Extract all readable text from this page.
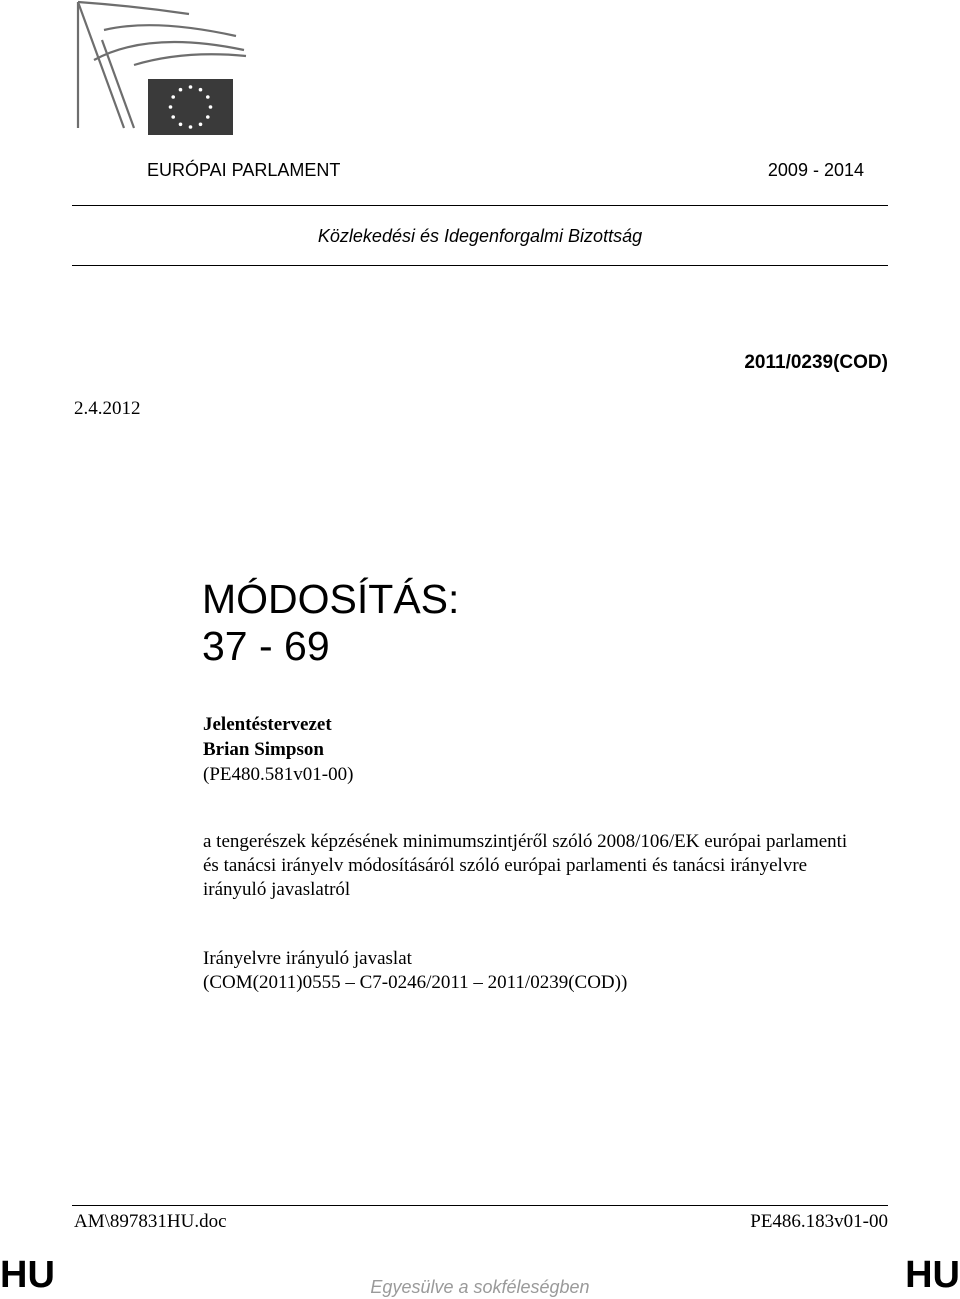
EURÓPAI PARLAMENT	2009 - 2014
Közlekedési és Idegenforgalmi Bizottság
2011/0239(COD)
2.4.2012
MÓDOSÍTÁS:
37 - 69
Jelentéstervezet
Brian Simpson
(PE480.581v01-00)
a tengerészek képzésének minimumszintjéről szóló 2008/106/EK európai parlamenti és tanácsi irányelv módosításáról szóló európai parlamenti és tanácsi irányelvre irányuló javaslatról
Irányelvre irányuló javaslat
(COM(2011)0555 – C7-0246/2011 – 2011/0239(COD))
AM\897831HU.doc	PE486.183v01-00
HU	Egyesülve a sokféleségben	HU
